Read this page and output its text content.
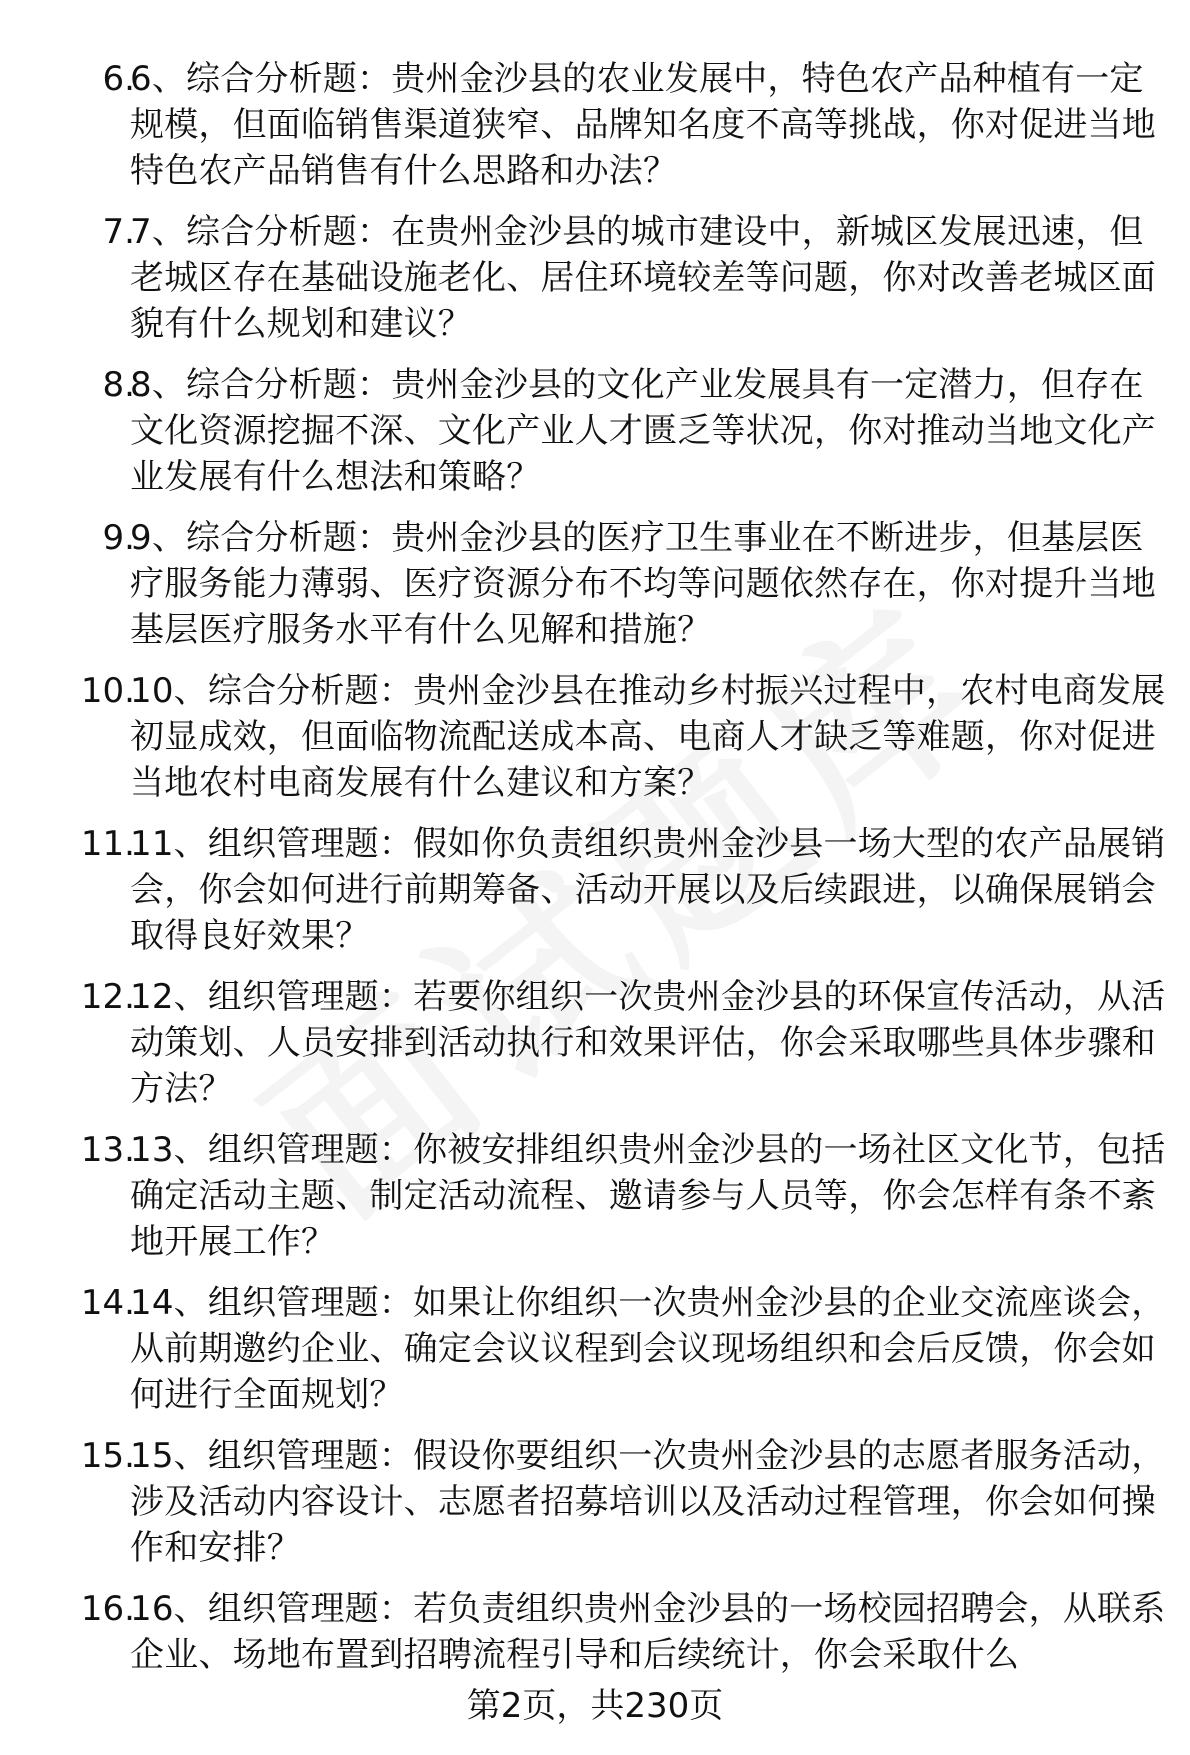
6.
6、综合分析题：贵州金沙县的农业发展中，特色农产品种植有一定规模，但面临销售渠道狭窄、品牌知名度不高等挑战，你对促进当地特色农产品销售有什么思路和办法？
7.
7、综合分析题：在贵州金沙县的城市建设中，新城区发展迅速，但老城区存在基础设施老化、居住环境较差等问题，你对改善老城区面貌有什么规划和建议？
8.
8、综合分析题：贵州金沙县的文化产业发展具有一定潜力，但存在文化资源挖掘不深、文化产业人才匮乏等状况，你对推动当地文化产业发展有什么想法和策略？
9.
9、综合分析题：贵州金沙县的医疗卫生事业在不断进步，但基层医疗服务能力薄弱、医疗资源分布不均等问题依然存在，你对提升当地基层医疗服务水平有什么见解和措施？
10.
10、综合分析题：贵州金沙县在推动乡村振兴过程中，农村电商发展初显成效，但面临物流配送成本高、电商人才缺乏等难题，你对促进当地农村电商发展有什么建议和方案？
11.
11、组织管理题：假如你负责组织贵州金沙县一场大型的农产品展销会，你会如何进行前期筹备、活动开展以及后续跟进，以确保展销会取得良好效果？
12.
12、组织管理题：若要你组织一次贵州金沙县的环保宣传活动，从活动策划、人员安排到活动执行和效果评估，你会采取哪些具体步骤和方法？
13.
13、组织管理题：你被安排组织贵州金沙县的一场社区文化节，包括确定活动主题、制定活动流程、邀请参与人员等，你会怎样有条不紊地开展工作？
14.
14、组织管理题：如果让你组织一次贵州金沙县的企业交流座谈会，从前期邀约企业、确定会议议程到会议现场组织和会后反馈，你会如何进行全面规划？
15.
15、组织管理题：假设你要组织一次贵州金沙县的志愿者服务活动，涉及活动内容设计、志愿者招募培训以及活动过程管理，你会如何操作和安排？
16.
16、组织管理题：若负责组织贵州金沙县的一场校园招聘会，从联系企业、场地布置到招聘流程引导和后续统计，你会采取什么
第2页，共230页
